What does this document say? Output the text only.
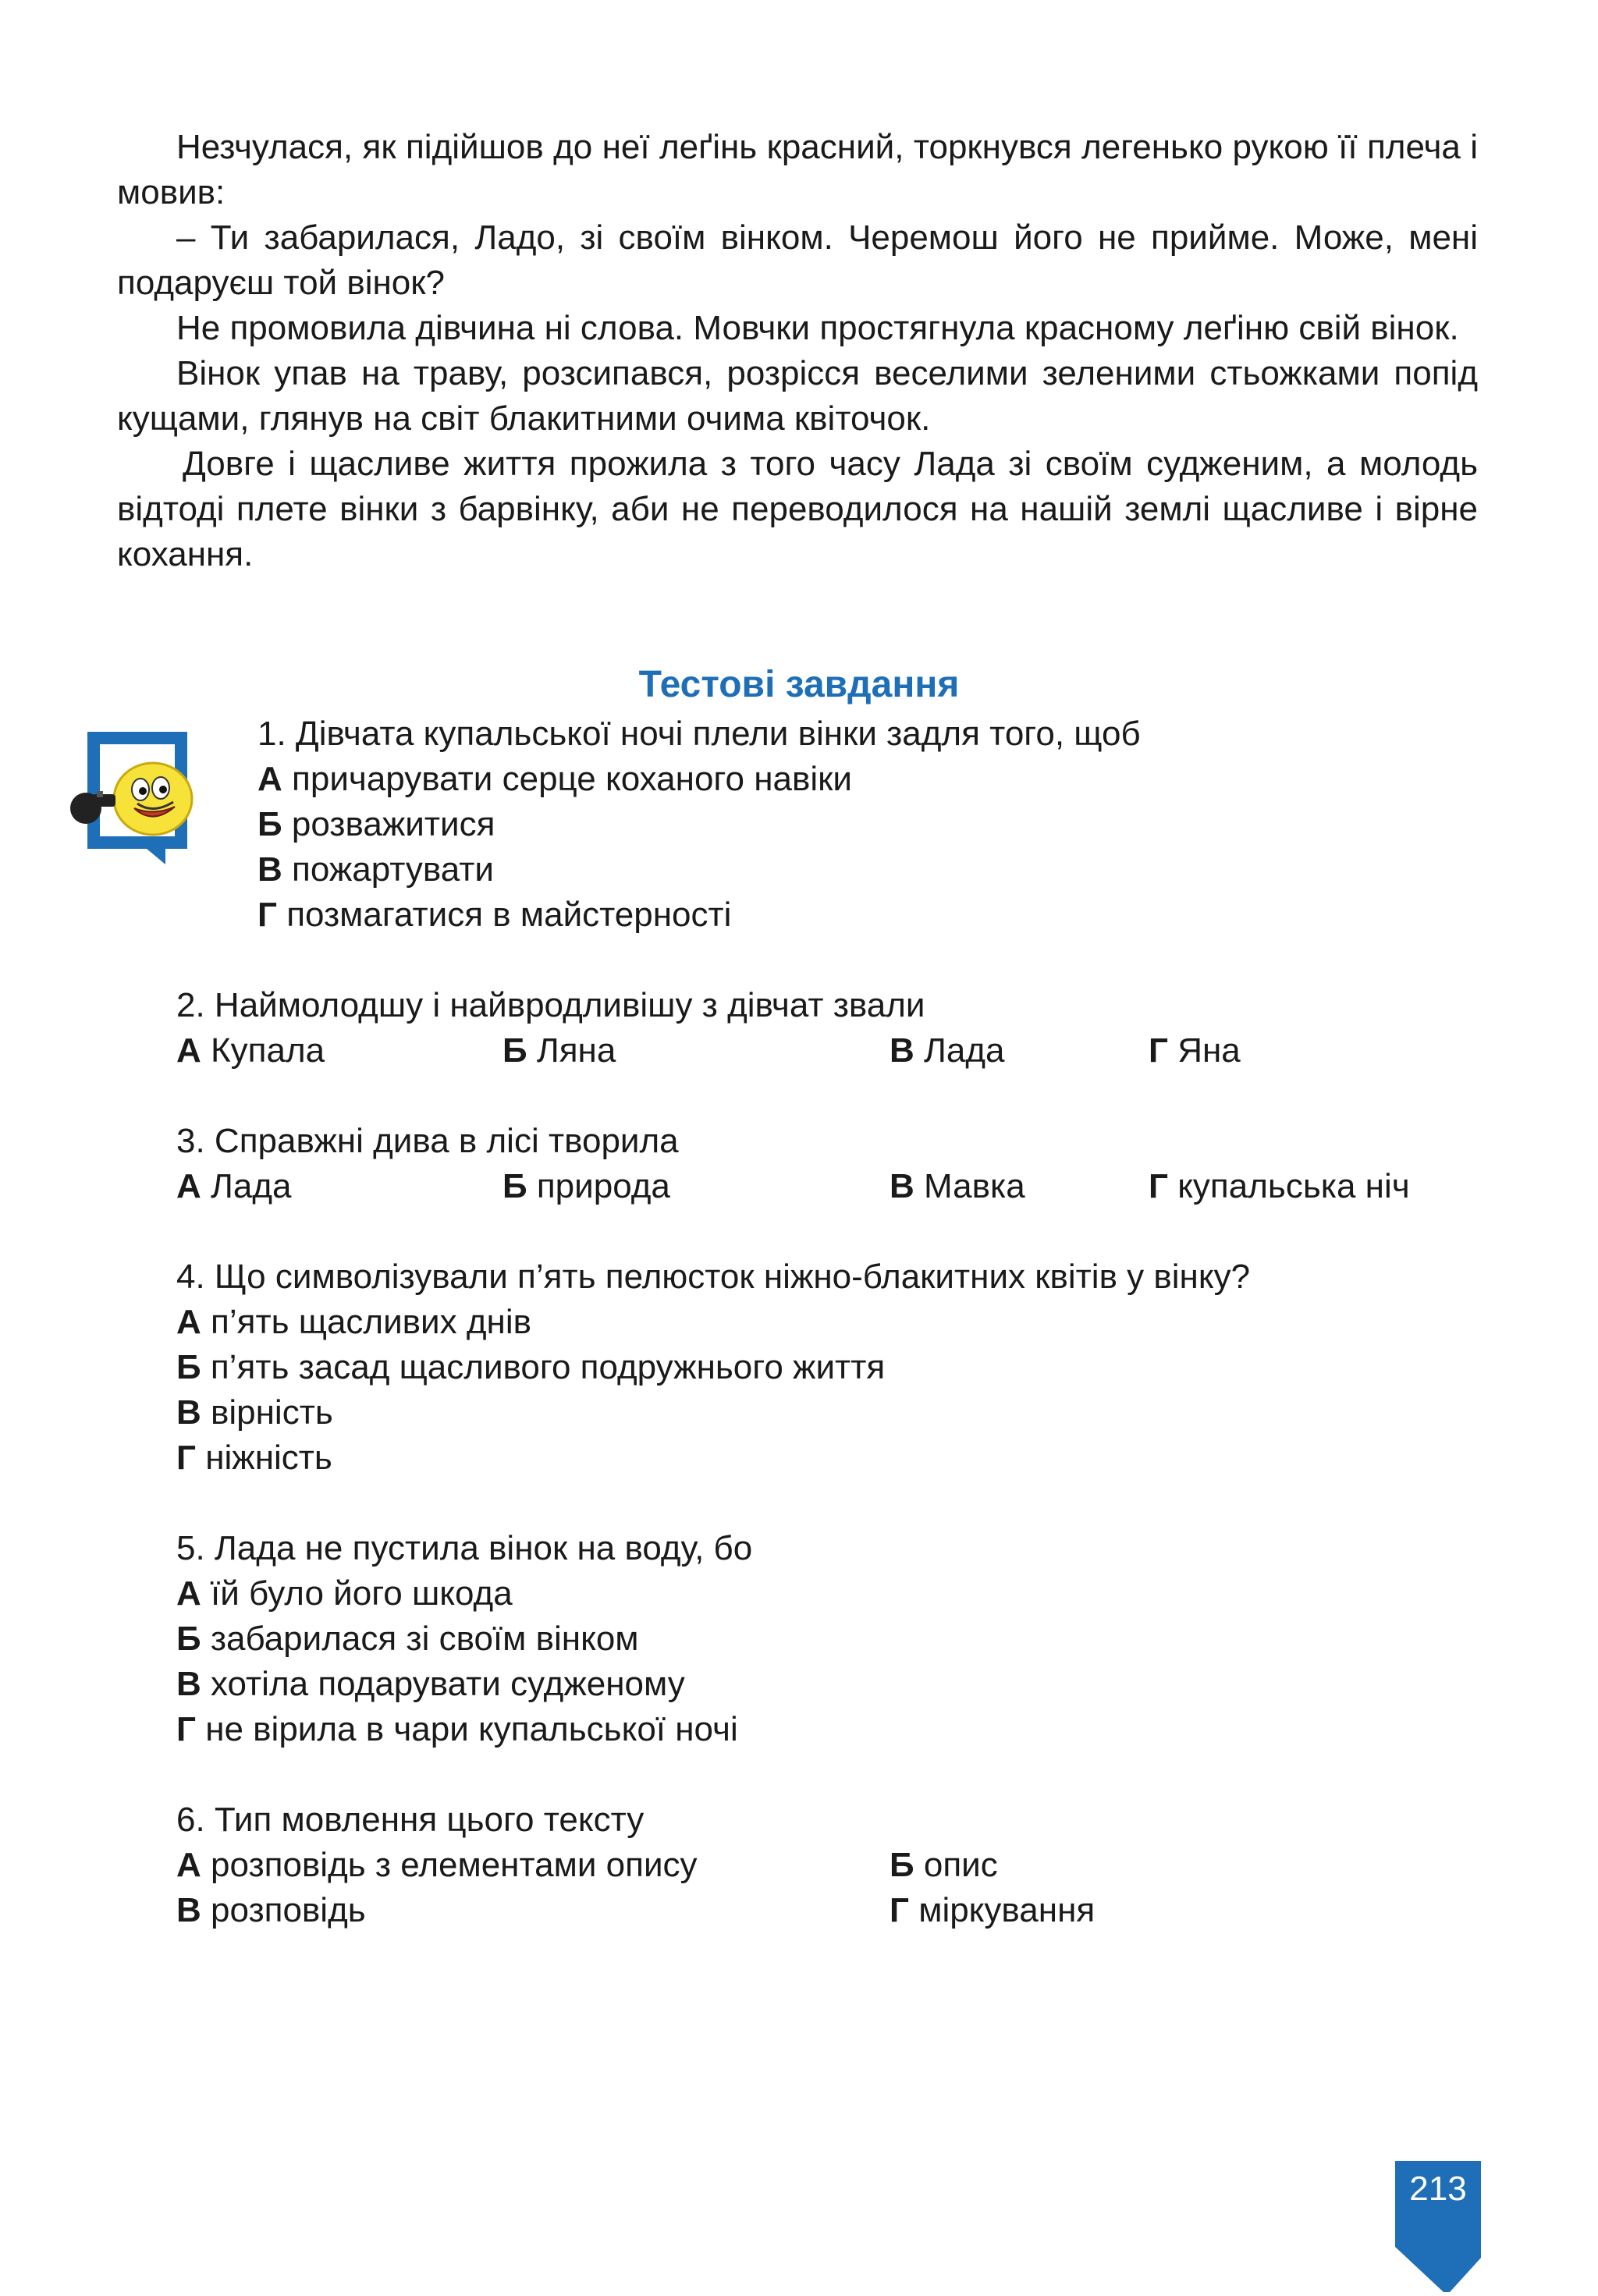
Незчулася, як підійшов до неї леґінь красний, торкнувся легенько рукою її плеча і мовив:

– Ти забарилася, Ладо, зі своїм вінком. Черемош його не прийме. Може, мені подаруєш той вінок?

Не промовила дівчина ні слова. Мовчки простягнула красному леґіню свій вінок.

Вінок упав на траву, розсипався, розрісся веселими зеленими стьожками попід кущами, глянув на світ блакитними очима квіточок.

Довге і щасливе життя прожила з того часу Лада зі своїм судженим, а молодь відтоді плете вінки з барвінку, аби не переводилося на нашій землі щасливе і вірне кохання.

Тестові завдання
1. Дівчата купальської ночі плели вінки задля того, щоб
А причарувати серце коханого навіки
Б розважитися
В пожартувати
Г позмагатися в майстерності
2. Наймолодшу і найвродливішу з дівчат звали
А Купала	Б Ляна	В Лада	Г Яна
3. Справжні дива в лісі творила
А Лада	Б природа	В Мавка	Г купальська ніч
4. Що символізували п’ять пелюсток ніжно-блакитних квітів у вінку?
А п’ять щасливих днів
Б п’ять засад щасливого подружнього життя
В вірність
Г ніжність
5. Лада не пустила вінок на воду, бо
А їй було його шкода
Б забарилася зі своїм вінком
В хотіла подарувати судженому
Г не вірила в чари купальської ночі
6. Тип мовлення цього тексту
А розповідь з елементами опису	Б опис
В розповідь	Г міркування
213
